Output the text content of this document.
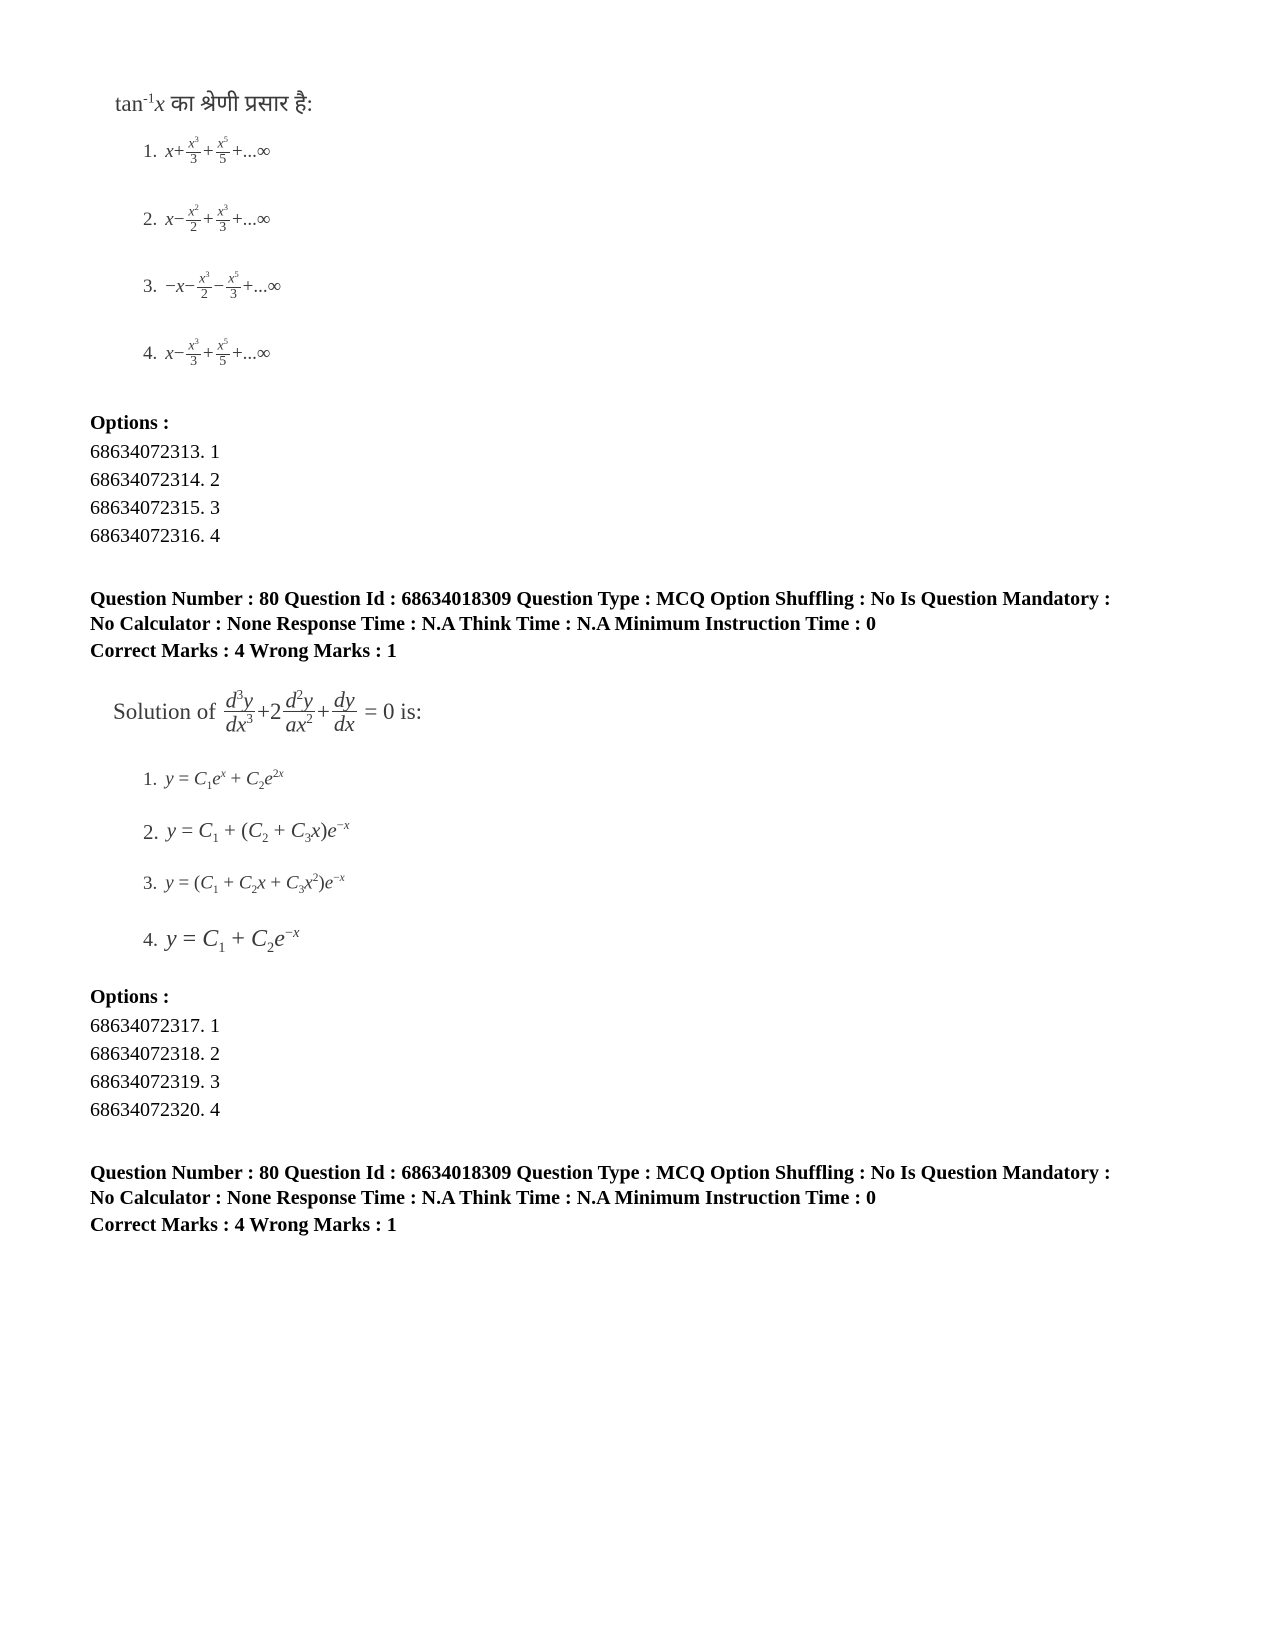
$\tan^{-1}x$ का श्रेणी प्रसार है:
1. $x + \frac{x^3}{3} + \frac{x^5}{5}$ +...∞
2. $x - \frac{x^2}{2} + \frac{x^3}{3}$ +...∞
3. − $x - \frac{x^3}{2} - \frac{x^5}{3}$ +...∞
4. $x - \frac{x^3}{3} + \frac{x^5}{5}$ +...∞
Options :
68634072313. 1
68634072314. 2
68634072315. 3
68634072316. 4
Question Number : 80 Question Id : 68634018309 Question Type : MCQ Option Shuffling : No Is Question Mandatory :
No Calculator : None Response Time : N.A Think Time : N.A Minimum Instruction Time : 0
Correct Marks : 4 Wrong Marks : 1
Solution of
$\frac{d^3y}{dx^3} +2 \frac{d^2y}{ax^2} + \frac{dy}{dx}$
= 0 is:
1. $y = C_1e^x + C_2e^{2x}$
2. $y = C_1 + (C_2 + C_3x)e^{-x}$
3. $y = (C_1 + C_2x + C_3x^2)e^{-x}$
4. $y = C_1 + C_2e^{-x}$
Options :
68634072317. 1
68634072318. 2
68634072319. 3
68634072320. 4
Question Number : 80 Question Id : 68634018309 Question Type : MCQ Option Shuffling : No Is Question Mandatory :
No Calculator : None Response Time : N.A Think Time : N.A Minimum Instruction Time : 0
Correct Marks : 4 Wrong Marks : 1
